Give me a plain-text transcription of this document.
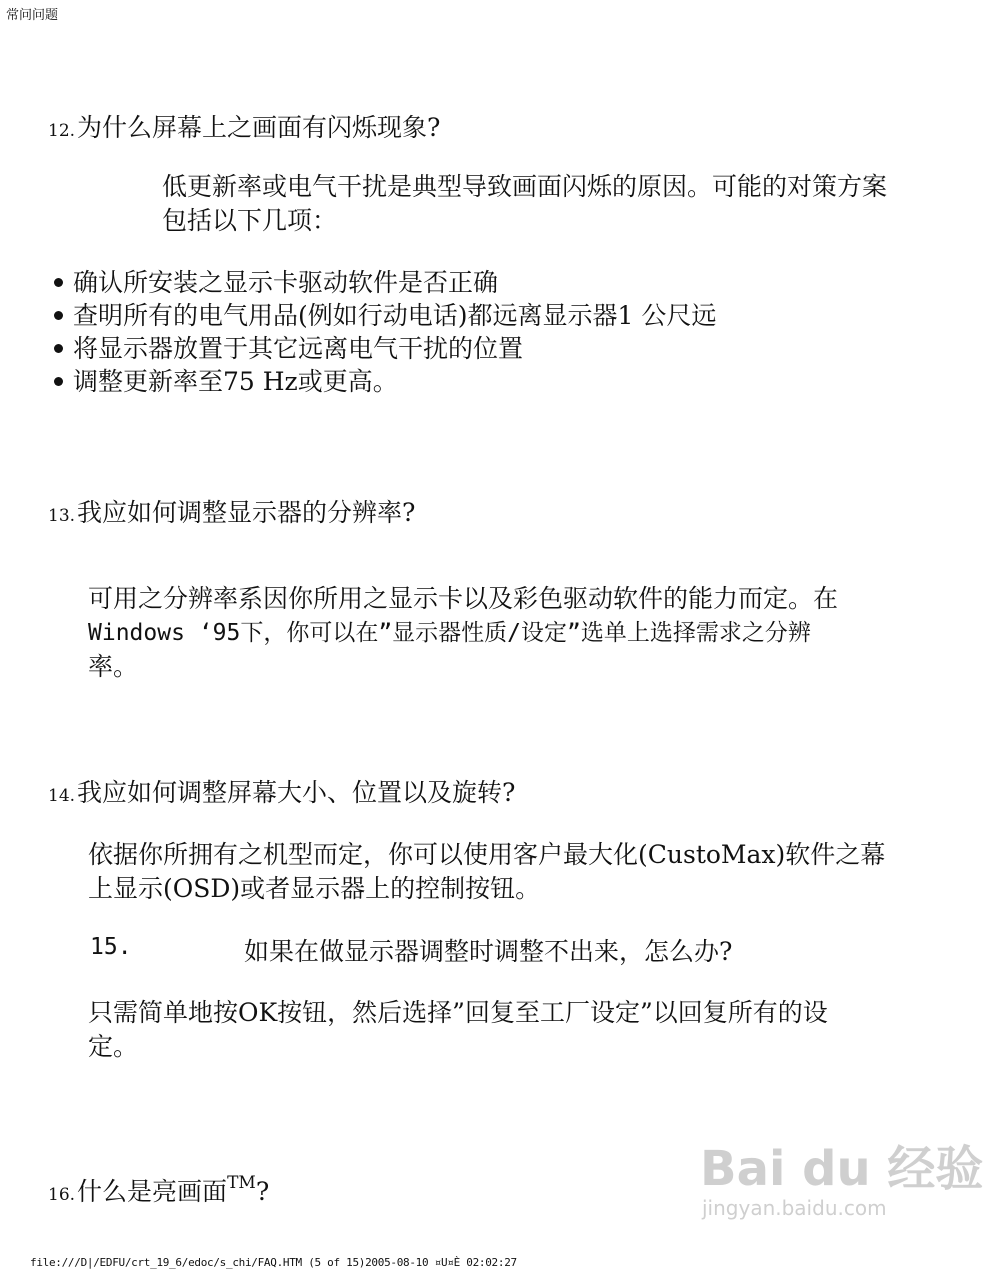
常问问题
12.为什么屏幕上之画面有闪烁现象?
低更新率或电气干扰是典型导致画面闪烁的原因。可能的对策方案
包括以下几项：
确认所安装之显示卡驱动软件是否正确
查明所有的电气用品(例如行动电话)都远离显示器1 公尺远
将显示器放置于其它远离电气干扰的位置
调整更新率至75 Hz或更高。
13.我应如何调整显示器的分辨率?
可用之分辨率系因你所用之显示卡以及彩色驱动软件的能力而定。在
Windows ‘95下，你可以在”显示器性质/设定”选单上选择需求之分辨
率。
14.我应如何调整屏幕大小、位置以及旋转?
依据你所拥有之机型而定，你可以使用客户最大化(CustoMax)软件之幕
上显示(OSD)或者显示器上的控制按钮。
15.	如果在做显示器调整时调整不出来，怎么办?
只需简单地按OK按钮，然后选择”回复至工厂设定”以回复所有的设
定。
16.什么是亮画面™?	Bai du 经验
jingyan.baidu.com
file:///D|/EDFU/crt_19_6/edoc/s_chi/FAQ.HTM (5 of 15)2005-08-10 ¤U¤È 02:02:27
